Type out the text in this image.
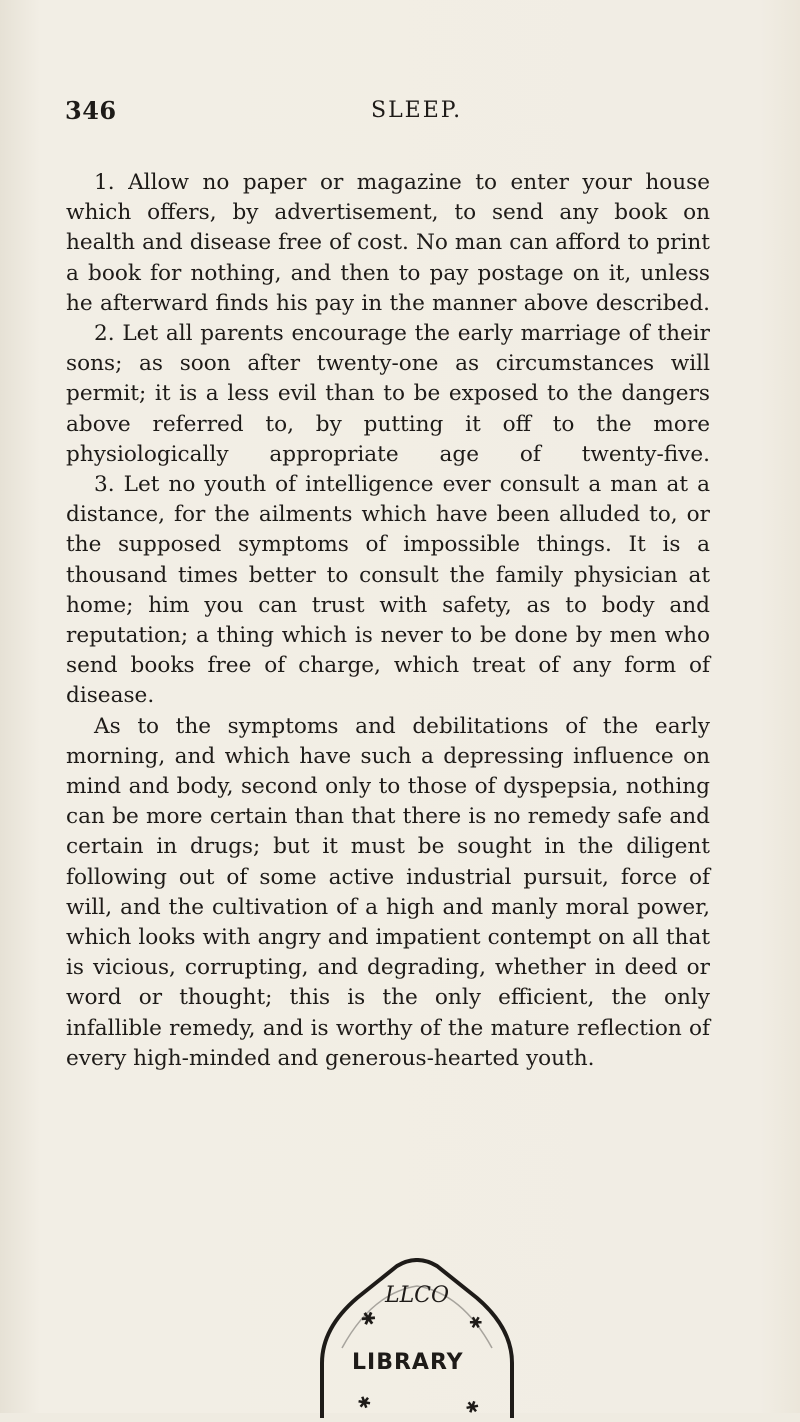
346	SLEEP.

1. Allow no paper or magazine to enter your house which offers, by advertisement, to send any book on health and disease free of cost. No man can afford to print a book for nothing, and then to pay postage on it, unless he afterward finds his pay in the manner above described.

2. Let all parents encourage the early marriage of their sons; as soon after twenty-one as circumstances will permit; it is a less evil than to be exposed to the dangers above referred to, by putting it off to the more physiologically appropriate age of twenty-five.

3. Let no youth of intelligence ever consult a man at a distance, for the ailments which have been alluded to, or the supposed symptoms of impossible things. It is a thousand times better to consult the family physician at home; him you can trust with safety, as to body and reputation; a thing which is never to be done by men who send books free of charge, which treat of any form of disease.

As to the symptoms and debilitations of the early morning, and which have such a depressing influence on mind and body, second only to those of dyspepsia, nothing can be more certain than that there is no remedy safe and certain in drugs; but it must be sought in the diligent following out of some active industrial pursuit, force of will, and the cultivation of a high and manly moral power, which looks with angry and impatient contempt on all that is vicious, corrupting, and degrading, whether in deed or word or thought; this is the only efficient, the only infallible remedy, and is worthy of the mature reflection of every high-minded and generous-hearted youth.

✱	✱
✱	✱
LLCO
LIBRARY
